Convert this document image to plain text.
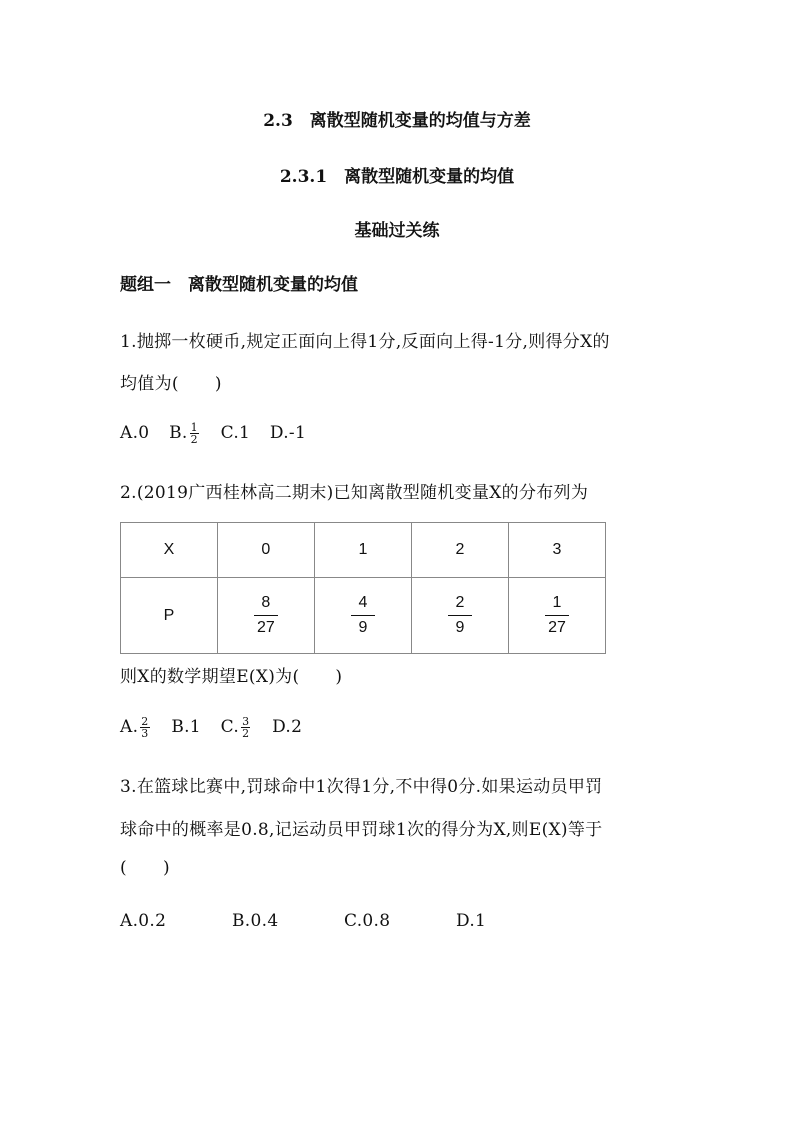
2.3　离散型随机变量的均值与方差
2.3.1　离散型随机变量的均值
基础过关练
题组一　离散型随机变量的均值
1.抛掷一枚硬币,规定正面向上得1分,反面向上得-1分,则得分X的
均值为( )
A.0 B. $\frac{1}{2} C.1$ D.-1
2.(2019广西桂林高二期末)已知离散型随机变量X的分布列为
X	0	1	2	3
P	$\frac{8}{27}$	$\frac{4}{9}$	$\frac{2}{9}$	$\frac{1}{27}$
则X的数学期望E(X)为( )
A. $\frac{2}{3} B.1$ C. $\frac{3}{2} D.2$
3.在篮球比赛中,罚球命中1次得1分,不中得0分.如果运动员甲罚
球命中的概率是0.8,记运动员甲罚球1次的得分为X,则E(X)等于
( )
A.0.2	B.0.4	C.0.8	D.1
